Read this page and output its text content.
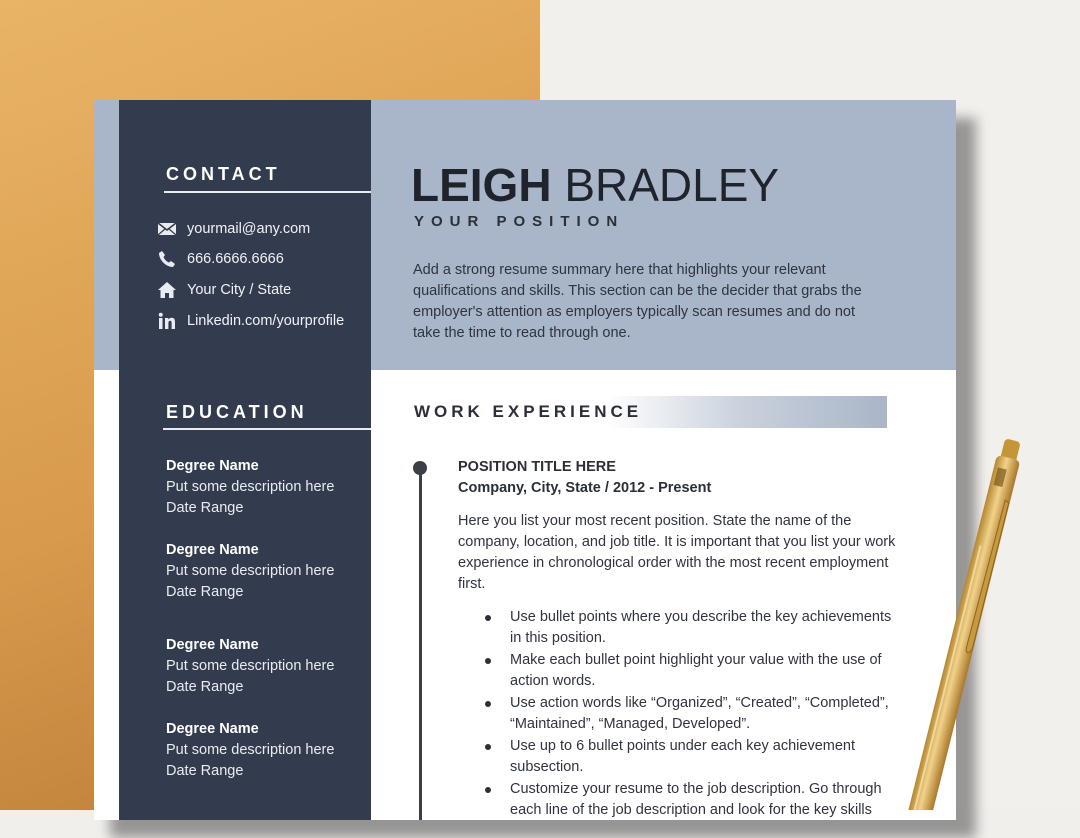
CONTACT
yourmail@any.com
666.6666.6666
Your City / State
Linkedin.com/yourprofile
EDUCATION
Degree Name
Put some description here
Date Range
Degree Name
Put some description here
Date Range
Degree Name
Put some description here
Date Range
Degree Name
Put some description here
Date Range
LEIGH BRADLEY
YOUR POSITION
Add a strong resume summary here that highlights your relevant qualifications and skills. This section can be the decider that grabs the employer's attention as employers typically scan resumes and do not take the time to read through one.
WORK EXPERIENCE
POSITION TITLE HERE
Company, City, State / 2012 - Present
Here you list your most recent position. State the name of the company, location, and job title. It is important that you list your work experience in chronological order with the most recent employment first.
Use bullet points where you describe the key achievements in this position.
Make each bullet point highlight your value with the use of action words.
Use action words like “Organized”, “Created”, “Completed”, “Maintained”, “Managed, Developed”.
Use up to 6 bullet points under each key achievement subsection.
Customize your resume to the job description. Go through each line of the job description and look for the key skills
